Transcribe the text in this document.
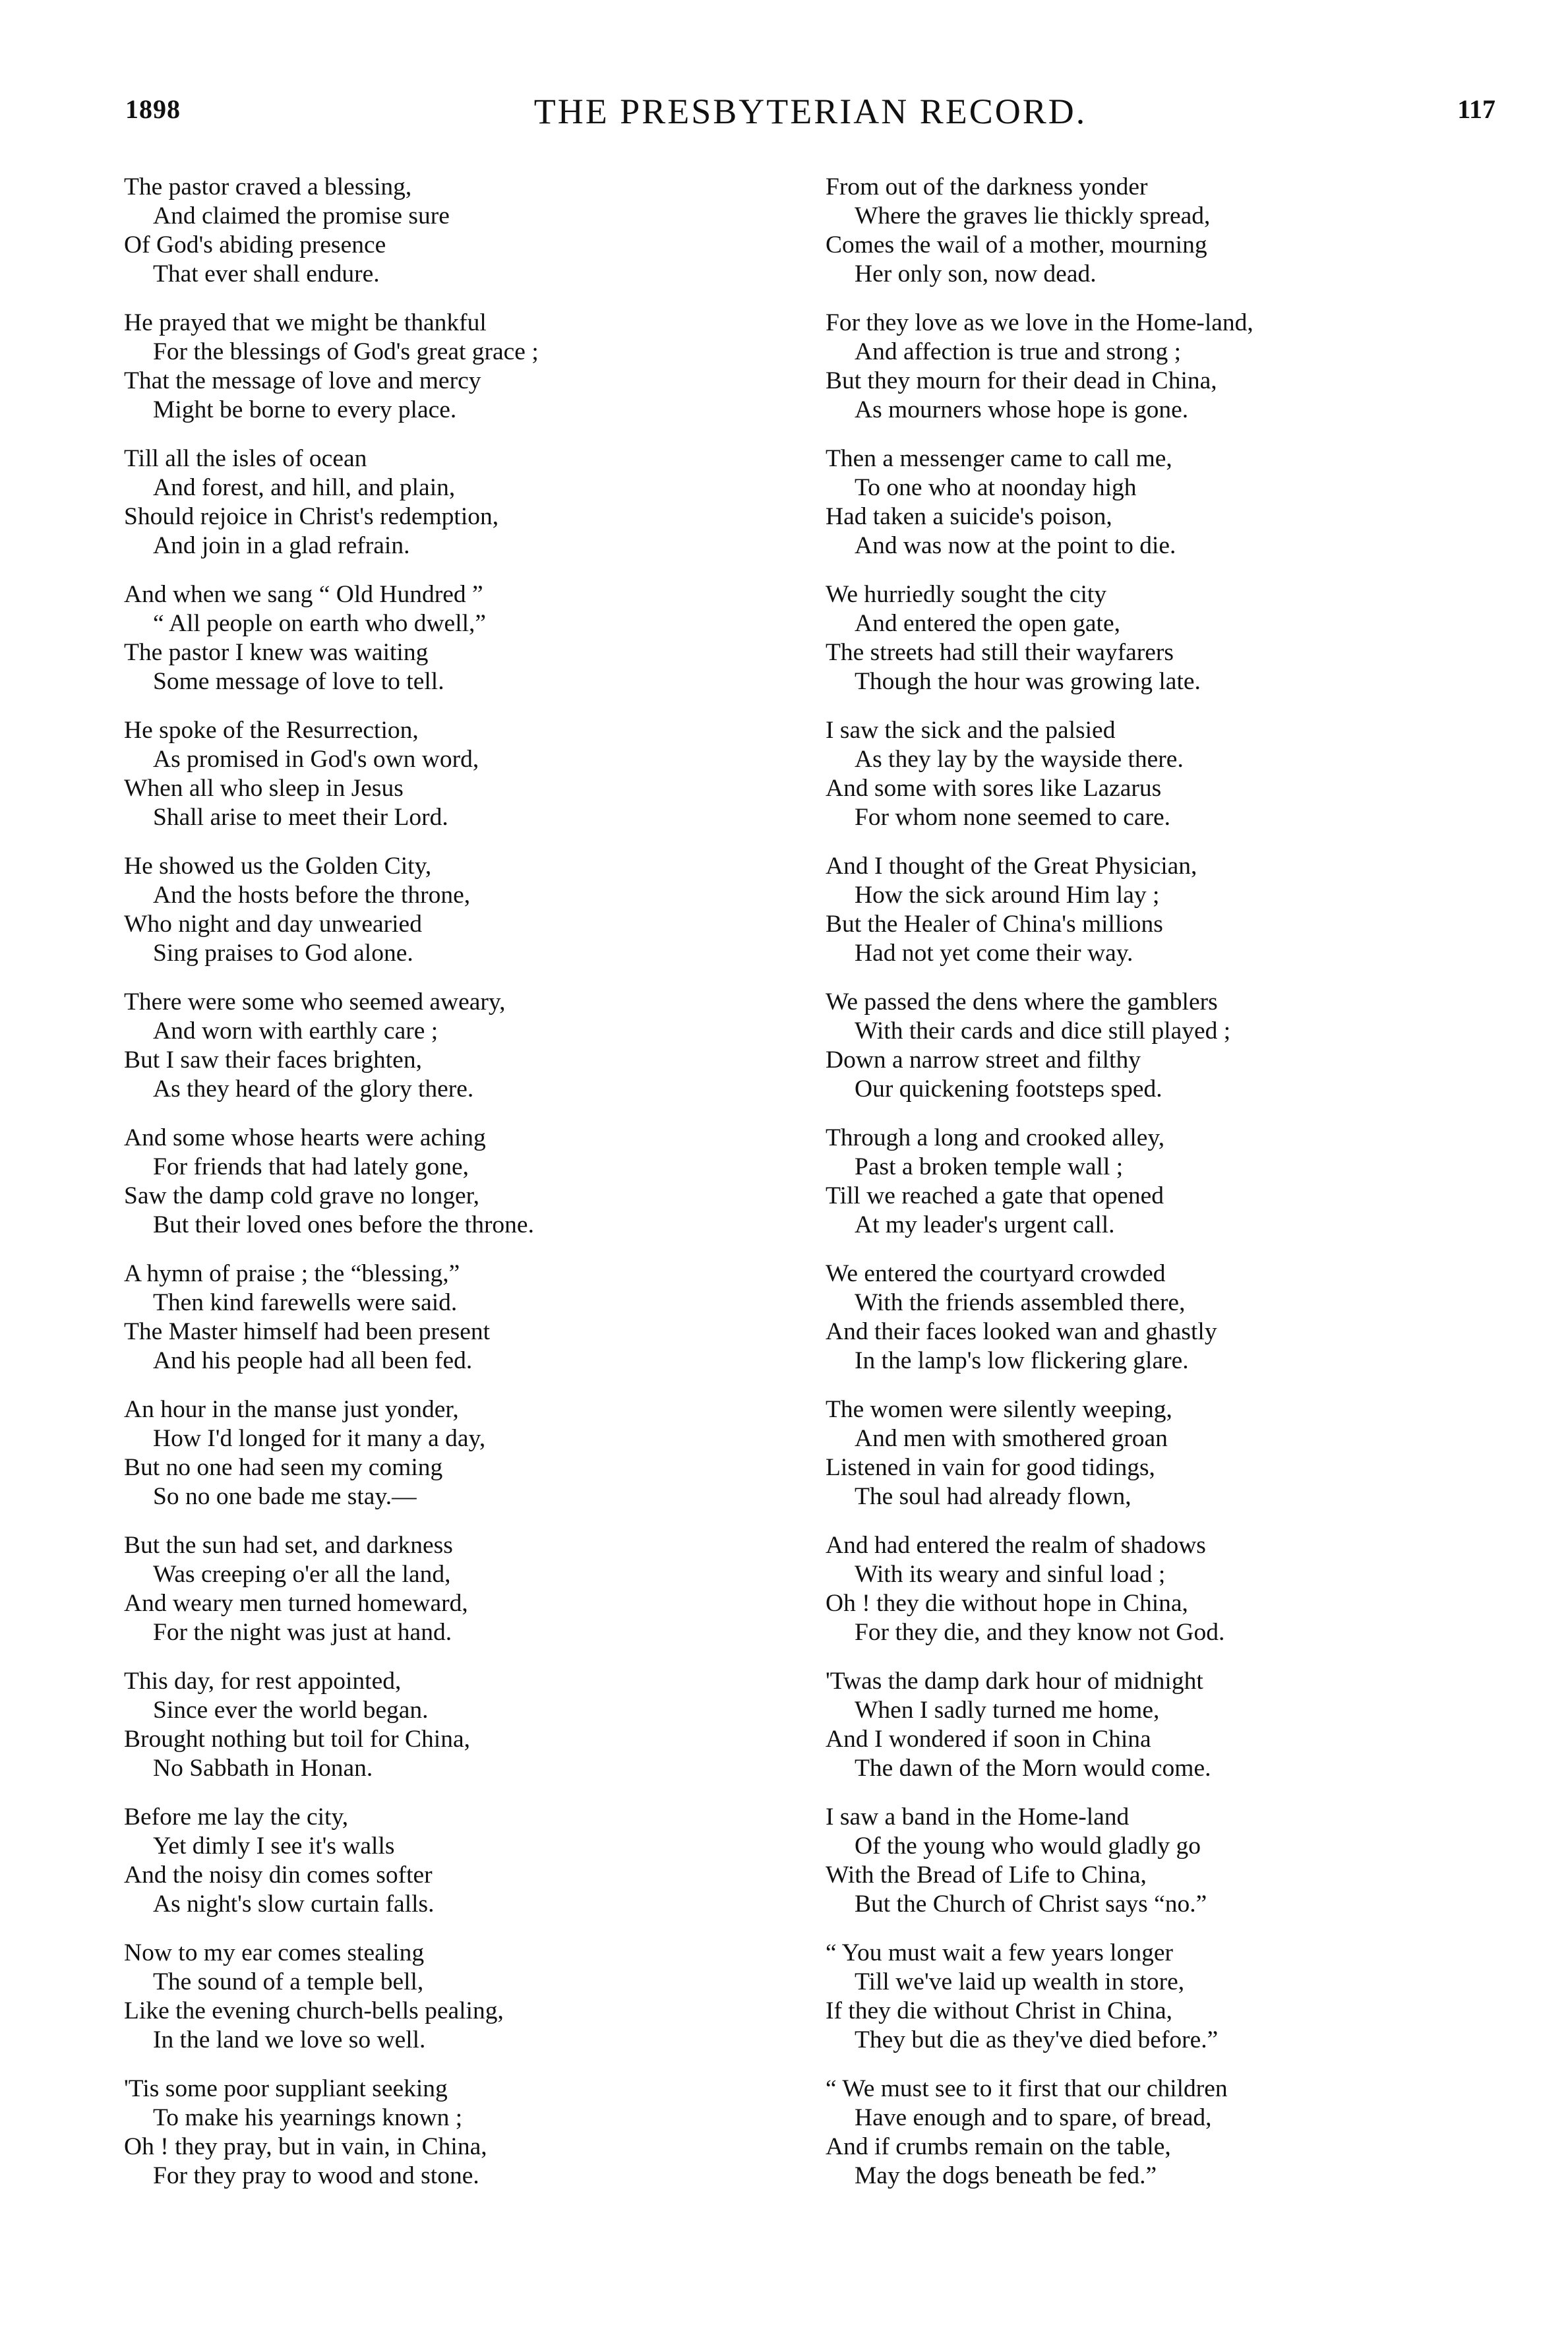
1898	THE PRESBYTERIAN RECORD.	117
The pastor craved a blessing,
And claimed the promise sure
Of God's abiding presence
That ever shall endure.
He prayed that we might be thankful
For the blessings of God's great grace ;
That the message of love and mercy
Might be borne to every place.
Till all the isles of ocean
And forest, and hill, and plain,
Should rejoice in Christ's redemption,
And join in a glad refrain.
And when we sang “ Old Hundred ”
“ All people on earth who dwell,”
The pastor I knew was waiting
Some message of love to tell.
He spoke of the Resurrection,
As promised in God's own word,
When all who sleep in Jesus
Shall arise to meet their Lord.
He showed us the Golden City,
And the hosts before the throne,
Who night and day unwearied
Sing praises to God alone.
There were some who seemed aweary,
And worn with earthly care ;
But I saw their faces brighten,
As they heard of the glory there.
And some whose hearts were aching
For friends that had lately gone,
Saw the damp cold grave no longer,
But their loved ones before the throne.
A hymn of praise ; the “blessing,”
Then kind farewells were said.
The Master himself had been present
And his people had all been fed.
An hour in the manse just yonder,
How I'd longed for it many a day,
But no one had seen my coming
So no one bade me stay.—
But the sun had set, and darkness
Was creeping o'er all the land,
And weary men turned homeward,
For the night was just at hand.
This day, for rest appointed,
Since ever the world began.
Brought nothing but toil for China,
No Sabbath in Honan.
Before me lay the city,
Yet dimly I see it's walls
And the noisy din comes softer
As night's slow curtain falls.
Now to my ear comes stealing
The sound of a temple bell,
Like the evening church-bells pealing,
In the land we love so well.
'Tis some poor suppliant seeking
To make his yearnings known ;
Oh ! they pray, but in vain, in China,
For they pray to wood and stone.
From out of the darkness yonder
Where the graves lie thickly spread,
Comes the wail of a mother, mourning
Her only son, now dead.
For they love as we love in the Home-land,
And affection is true and strong ;
But they mourn for their dead in China,
As mourners whose hope is gone.
Then a messenger came to call me,
To one who at noonday high
Had taken a suicide's poison,
And was now at the point to die.
We hurriedly sought the city
And entered the open gate,
The streets had still their wayfarers
Though the hour was growing late.
I saw the sick and the palsied
As they lay by the wayside there.
And some with sores like Lazarus
For whom none seemed to care.
And I thought of the Great Physician,
How the sick around Him lay ;
But the Healer of China's millions
Had not yet come their way.
We passed the dens where the gamblers
With their cards and dice still played ;
Down a narrow street and filthy
Our quickening footsteps sped.
Through a long and crooked alley,
Past a broken temple wall ;
Till we reached a gate that opened
At my leader's urgent call.
We entered the courtyard crowded
With the friends assembled there,
And their faces looked wan and ghastly
In the lamp's low flickering glare.
The women were silently weeping,
And men with smothered groan
Listened in vain for good tidings,
The soul had already flown,
And had entered the realm of shadows
With its weary and sinful load ;
Oh ! they die without hope in China,
For they die, and they know not God.
'Twas the damp dark hour of midnight
When I sadly turned me home,
And I wondered if soon in China
The dawn of the Morn would come.
I saw a band in the Home-land
Of the young who would gladly go
With the Bread of Life to China,
But the Church of Christ says “no.”
“ You must wait a few years longer
Till we've laid up wealth in store,
If they die without Christ in China,
They but die as they've died before.”
“ We must see to it first that our children
Have enough and to spare, of bread,
And if crumbs remain on the table,
May the dogs beneath be fed.”
